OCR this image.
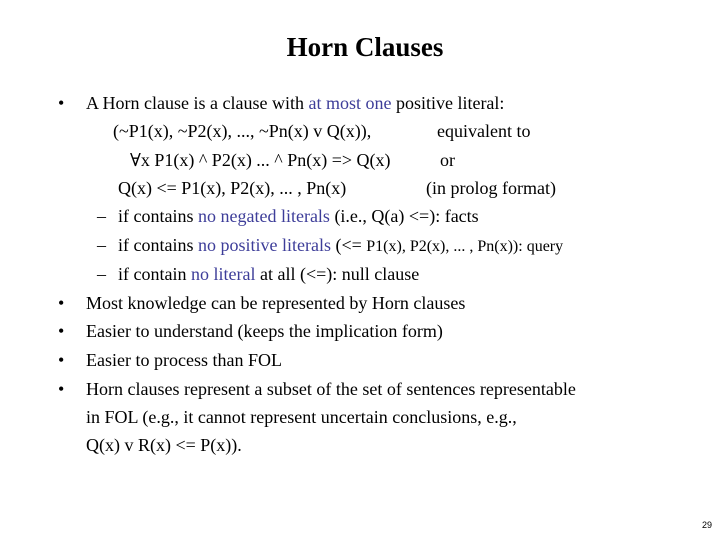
Horn Clauses
• A Horn clause is a clause with at most one positive literal:
(~P1(x), ~P2(x), ..., ~Pn(x) v Q(x)),	equivalent to
∀x P1(x) ^ P2(x) ... ^ Pn(x) => Q(x)	or
Q(x) <= P1(x), P2(x), ... , Pn(x)	(in prolog format)
– if contains no negated literals (i.e., Q(a) <=): facts
– if contains no positive literals (<= P1(x), P2(x), ... , Pn(x)): query
– if contain no literal at all (<=): null clause
• Most knowledge can be represented by Horn clauses
• Easier to understand (keeps the implication form)
• Easier to process than FOL
• Horn clauses represent a subset of the set of sentences representable
in FOL (e.g., it cannot represent uncertain conclusions, e.g.,
Q(x) v R(x) <= P(x)).
29
